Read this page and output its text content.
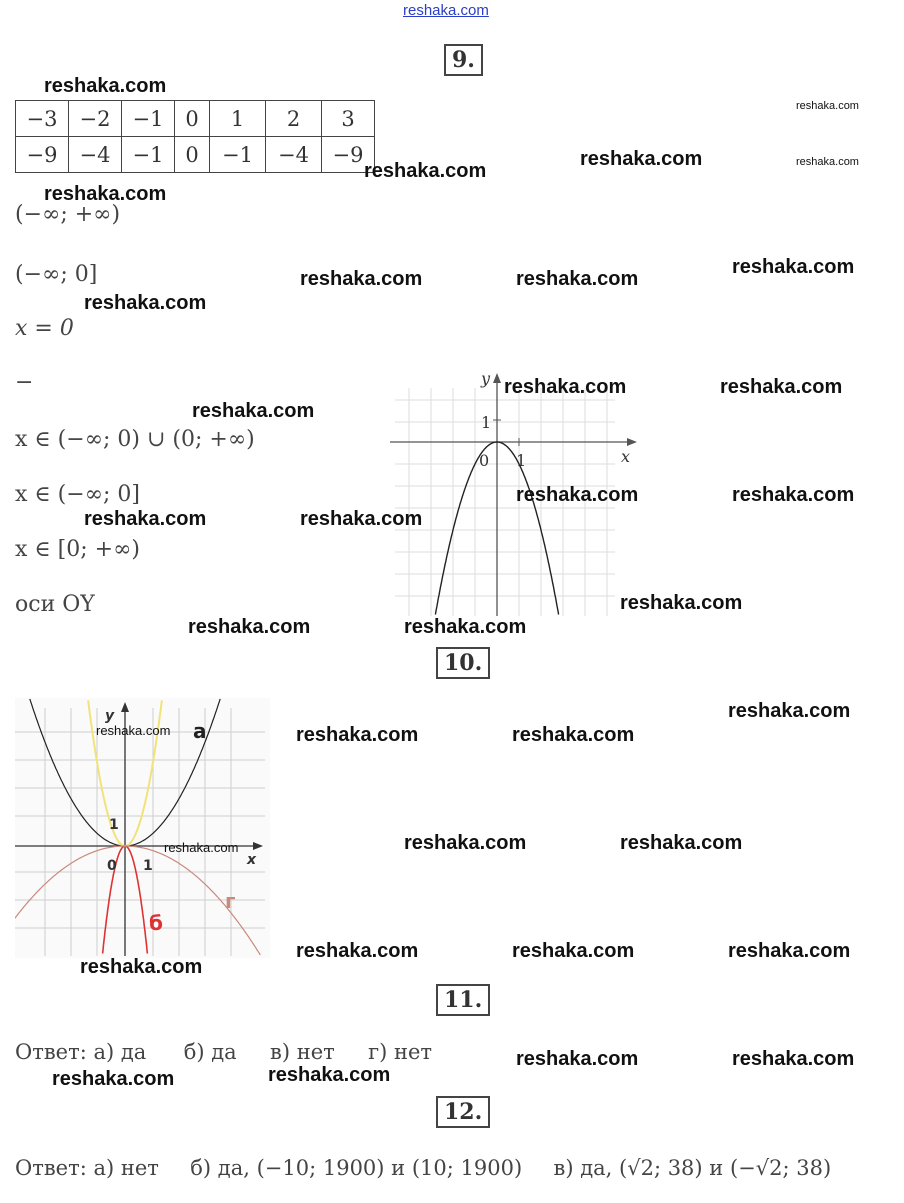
reshaka.com
9.
−3	−2	−1	0	1	2	3
−9	−4	−1	0	−1	−4	−9
(−∞; +∞)
(−∞; 0]
x = 0
−
x ∈ (−∞; 0) ∪ (0; +∞)
x ∈ (−∞; 0]
x ∈ [0; +∞)
оси OY
x
y
1
1
0
10.
y
x
1
1
0
а
б
г
11.
Ответ: а) да б) да в) нет г) нет
12.
Ответ: а) нет б) да, (−10; 1900) и (10; 1900) в) да, (√2; 38) и (−√2; 38)
reshaka.com
reshaka.com
reshaka.com	reshaka.com
reshaka.com
reshaka.com
reshaka.com
reshaka.com	reshaka.com
reshaka.com
reshaka.com	reshaka.com
reshaka.com
reshaka.com	reshaka.com
reshaka.com	reshaka.com
reshaka.com
reshaka.com	reshaka.com
reshaka.com
reshaka.com	reshaka.com	reshaka.com
reshaka.com	reshaka.com
reshaka.com
reshaka.com	reshaka.com	reshaka.com
reshaka.com
reshaka.com	reshaka.com
reshaka.com
reshaka.com
